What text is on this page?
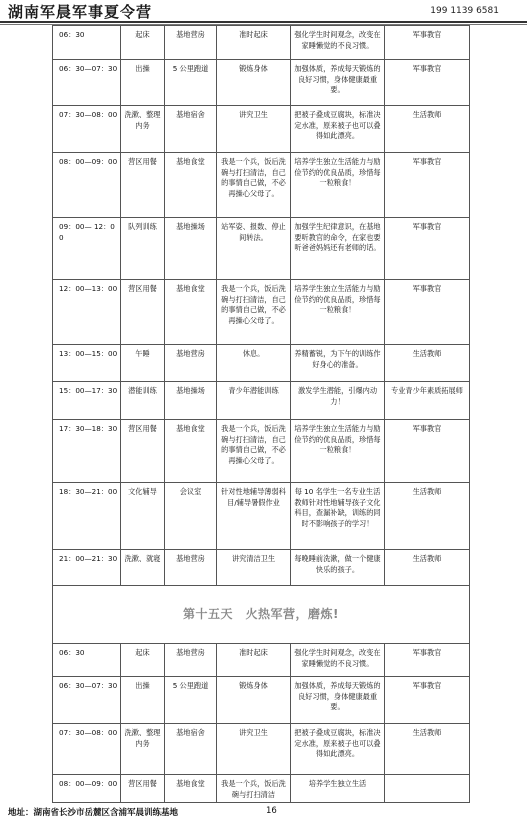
湖南军晨军事夏令营	199 1139 6581
06：30	起床	基地营房	准时起床	强化学生时间观念，改变在家睡懒觉的不良习惯。	军事教官
06：30—07：30	出操	5 公里跑道	锻炼身体	加强体质，养成每天锻炼的良好习惯，身体健康最重要。	军事教官
07：30—08：00	洗漱、整理内务	基地宿舍	讲究卫生	把被子叠成豆腐块，标准决定水准，原来被子也可以叠得如此漂亮。	生活教师
08：00—09：00	营区用餐	基地食堂	我是一个兵，饭后洗碗与打扫清洁，自己的事情自己做，不必再操心父母了。	培养学生独立生活能力与励俭节约的优良品质，珍惜每一粒粮食！	军事教官
09：00— 12：00	队列训练	基地操场	站军姿、报数、停止间转法。	加强学生纪律意识，在基地要听教官的命令，在家也要听爸爸妈妈还有老师的话。	军事教官
12：00—13：00	营区用餐	基地食堂	我是一个兵，饭后洗碗与打扫清洁，自己的事情自己做，不必再操心父母了。	培养学生独立生活能力与励俭节约的优良品质，珍惜每一粒粮食！	军事教官
13：00—15：00	午睡	基地营房	休息。	养精蓄锐，为下午的训练作好身心的准备。	生活教师
15：00—17：30	潜能训练	基地操场	青少年潜能训练	激发学生潜能，引爆内动力！	专业青少年素质拓展师
17：30—18：30	营区用餐	基地食堂	我是一个兵，饭后洗碗与打扫清洁，自己的事情自己做，不必再操心父母了。	培养学生独立生活能力与励俭节约的优良品质，珍惜每一粒粮食！	军事教官
18：30—21：00	文化辅导	会议室	针对性地辅导薄弱科目/辅导暑假作业	每 10 名学生一名专业生活教师针对性地辅导孩子文化科目，查漏补缺，训练的同时不影响孩子的学习！	生活教师
21：00—21：30	洗漱、就寝	基地营房	讲究清洁卫生	每晚睡前洗漱，做一个健康快乐的孩子。	生活教师
第十五天　火热军营，磨炼!					
06：30	起床	基地营房	准时起床	强化学生时间观念，改变在家睡懒觉的不良习惯。	军事教官
06：30—07：30	出操	5 公里跑道	锻炼身体	加强体质，养成每天锻炼的良好习惯，身体健康最重要。	军事教官
07：30—08：00	洗漱、整理内务	基地宿舍	讲究卫生	把被子叠成豆腐块，标准决定水准，原来被子也可以叠得如此漂亮。	生活教师
08：00—09：00	营区用餐	基地食堂	我是一个兵，饭后洗碗与打扫清洁	培养学生独立生活	
地址：湖南省长沙市岳麓区含浦军晨训练基地	16
